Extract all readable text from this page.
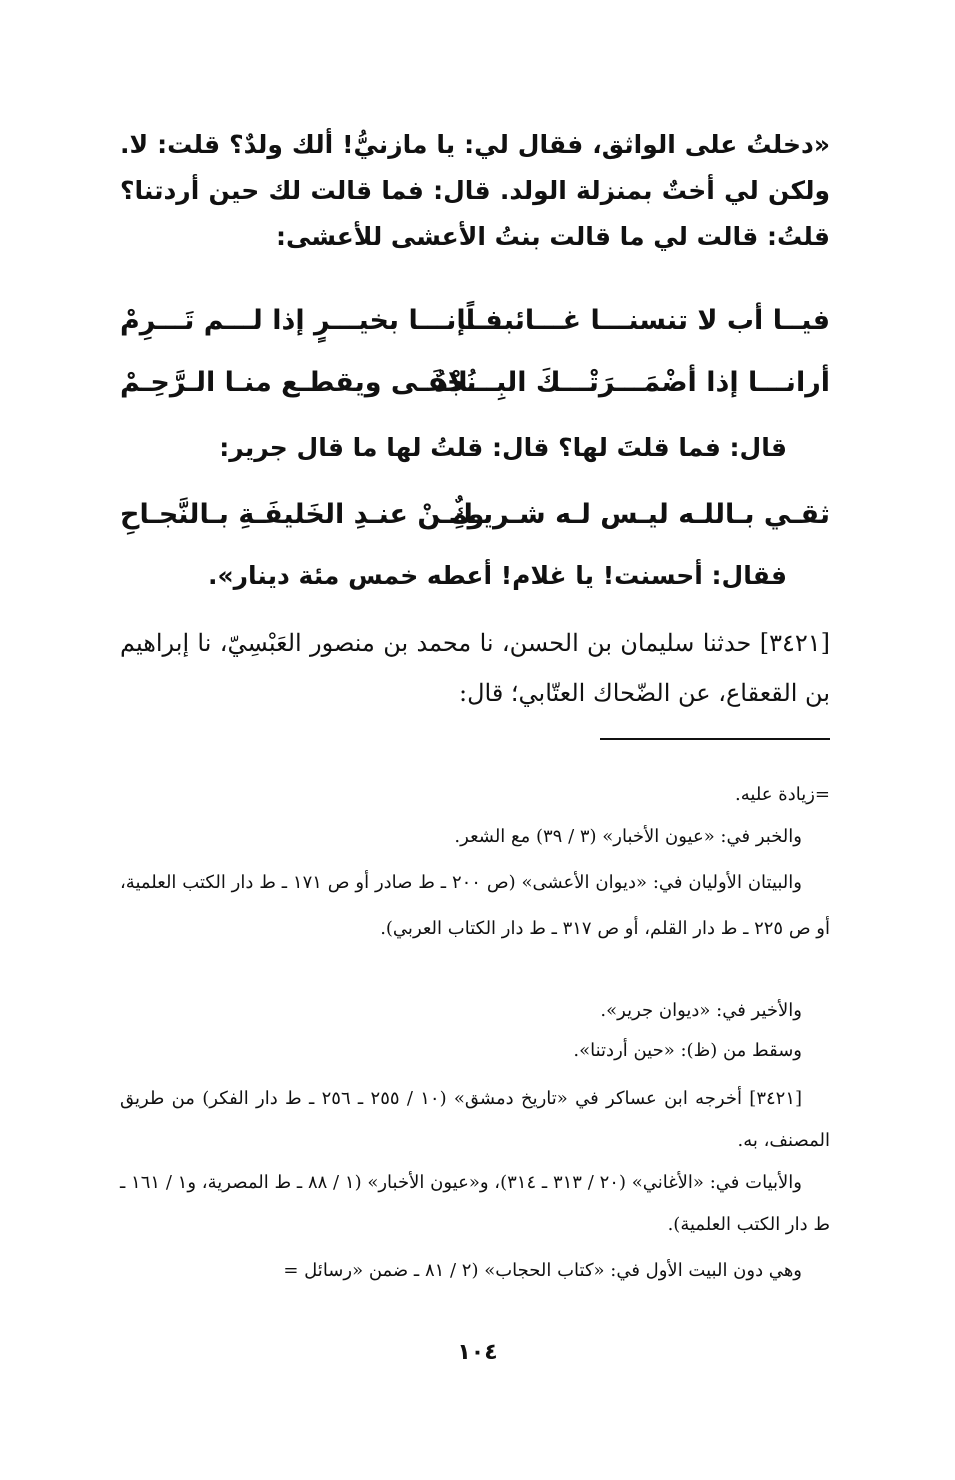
«دخلتُ على الواثق، فقال لي: يا مازنيُّ! ألك ولدٌ؟ قلت: لا. ولكن لي أختٌ بمنزلة الولد. قال: فما قالت لك حين أردتنا؟ قلتُ: قالت لي ما قالت بنتُ الأعشى للأعشى:
فيــا أب لا تنسنـــا غـــائبـــاً
فــإنـــا بخيـــرٍ إذا لـــم تَـــرِمْ
أرانـــا إذا أضْمَـــرَتْـــكَ البِـــلادُ
نُجْفَـى ويقطـع منـا الـرَّحِـمْ
قال: فما قلتَ لها؟ قال: قلتُ لها ما قال جرير:
ثقـي بـاللـه ليـس لـه شـريـكٌ
ومِـنْ عنـدِ الخَليفَـةِ بـالنَّجـاحِ
فقال: أحسنت! يا غلام! أعطه خمس مئة دينار».
[٣٤٢١] حدثنا سليمان بن الحسن، نا محمد بن منصور العَبْسِيّ، نا إبراهيم بن القعقاع، عن الضّحاك العتّابي؛ قال:
=زيادة عليه.
والخبر في: «عيون الأخبار» (٣ / ٣٩) مع الشعر.
والبيتان الأوليان في: «ديوان الأعشى» (ص ٢٠٠ ـ ط صادر أو ص ١٧١ ـ ط دار الكتب العلمية، أو ص ٢٢٥ ـ ط دار القلم، أو ص ٣١٧ ـ ط دار الكتاب العربي).
والأخير في: «ديوان جرير».
وسقط من (ظ): «حين أردتنا».
[٣٤٢١] أخرجه ابن عساكر في «تاريخ دمشق» (١٠ / ٢٥٥ ـ ٢٥٦ ـ ط دار الفكر) من طريق المصنف، به.
والأبيات في: «الأغاني» (٢٠ / ٣١٣ ـ ٣١٤)، و«عيون الأخبار» (١ / ٨٨ ـ ط المصرية، و١ / ١٦١ ـ ط دار الكتب العلمية).
وهي دون البيت الأول في: «كتاب الحجاب» (٢ / ٨١ ـ ضمن «رسائل =
١٠٤
